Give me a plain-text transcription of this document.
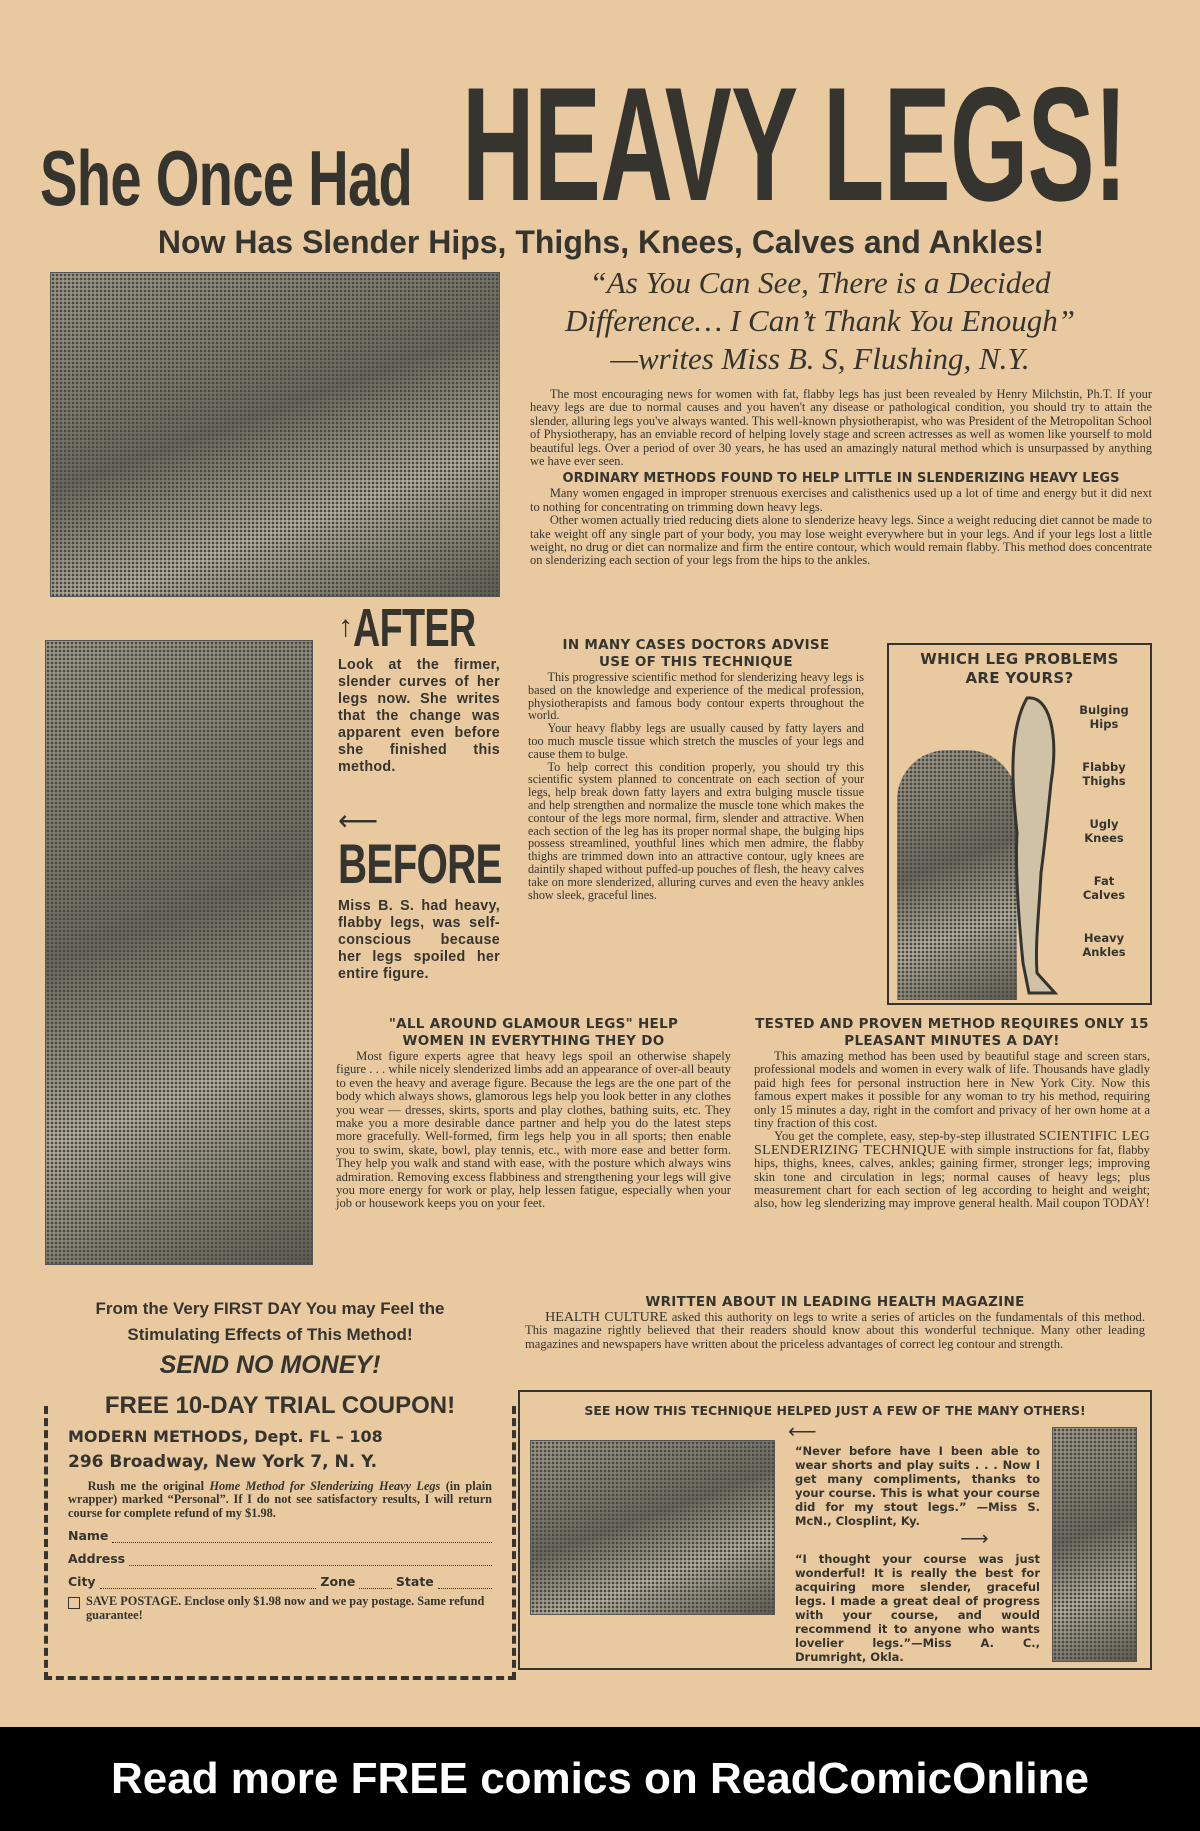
She Once Had HEAVY LEGS!
Now Has Slender Hips, Thighs, Knees, Calves and Ankles!
“As You Can See, There is a Decided
Difference… I Can’t Thank You Enough”
—writes Miss B. S, Flushing, N.Y.

The most encouraging news for women with fat, flabby legs has just been revealed by Henry Milchstin, Ph.T. If your heavy legs are due to normal causes and you haven't any disease or pathological condition, you should try to attain the slender, alluring legs you've always wanted. This well-known physiotherapist, who was President of the Metropolitan School of Physiotherapy, has an enviable record of helping lovely stage and screen actresses as well as women like yourself to mold beautiful legs. Over a period of over 30 years, he has used an amazingly natural method which is unsurpassed by anything we have ever seen.

ORDINARY METHODS FOUND TO HELP LITTLE IN SLENDERIZING HEAVY LEGS

Many women engaged in improper strenuous exercises and calisthenics used up a lot of time and energy but it did next to nothing for concentrating on trimming down heavy legs.

Other women actually tried reducing diets alone to slenderize heavy legs. Since a weight reducing diet cannot be made to take weight off any single part of your body, you may lose weight everywhere but in your legs. And if your legs lost a little weight, no drug or diet can normalize and firm the entire contour, which would remain flabby. This method does concentrate on slenderizing each section of your legs from the hips to the ankles.

↑ AFTER
Look at the firmer, slender curves of her legs now. She writes that the change was apparent even before she finished this method.
⟵
BEFORE
Miss B. S. had heavy, flabby legs, was self-conscious because her legs spoiled her entire figure.
IN MANY CASES DOCTORS ADVISE USE OF THIS TECHNIQUE

This progressive scientific method for slenderizing heavy legs is based on the knowledge and experience of the medical profession, physiotherapists and famous body contour experts throughout the world.

Your heavy flabby legs are usually caused by fatty layers and too much muscle tissue which stretch the muscles of your legs and cause them to bulge.

To help correct this condition properly, you should try this scientific system planned to concentrate on each section of your legs, help break down fatty layers and extra bulging muscle tissue and help strengthen and normalize the muscle tone which makes the contour of the legs more normal, firm, slender and attractive. When each section of the leg has its proper normal shape, the bulging hips possess streamlined, youthful lines which men admire, the flabby thighs are trimmed down into an attractive contour, ugly knees are daintily shaped without puffed-up pouches of flesh, the heavy calves take on more slenderized, alluring curves and even the heavy ankles show sleek, graceful lines.

WHICH LEG PROBLEMS ARE YOURS?
Bulging Hips
Flabby Thighs
Ugly Knees
Fat Calves
Heavy Ankles
"ALL AROUND GLAMOUR LEGS" HELP WOMEN IN EVERYTHING THEY DO

Most figure experts agree that heavy legs spoil an otherwise shapely figure . . . while nicely slenderized limbs add an appearance of over-all beauty to even the heavy and average figure. Because the legs are the one part of the body which always shows, glamorous legs help you look better in any clothes you wear — dresses, skirts, sports and play clothes, bathing suits, etc. They make you a more desirable dance partner and help you do the latest steps more gracefully. Well-formed, firm legs help you in all sports; then enable you to swim, skate, bowl, play tennis, etc., with more ease and better form. They help you walk and stand with ease, with the posture which always wins admiration. Removing excess flabbiness and strengthening your legs will give you more energy for work or play, help lessen fatigue, especially when your job or housework keeps you on your feet.

TESTED AND PROVEN METHOD REQUIRES ONLY 15 PLEASANT MINUTES A DAY!

This amazing method has been used by beautiful stage and screen stars, professional models and women in every walk of life. Thousands have gladly paid high fees for personal instruction here in New York City. Now this famous expert makes it possible for any woman to try his method, requiring only 15 minutes a day, right in the comfort and privacy of her own home at a tiny fraction of this cost.

You get the complete, easy, step-by-step illustrated SCIENTIFIC LEG SLENDERIZING TECHNIQUE with simple instructions for fat, flabby hips, thighs, knees, calves, ankles; gaining firmer, stronger legs; improving skin tone and circulation in legs; normal causes of heavy legs; plus measurement chart for each section of leg according to height and weight; also, how leg slenderizing may improve general health. Mail coupon TODAY!

WRITTEN ABOUT IN LEADING HEALTH MAGAZINE

HEALTH CULTURE asked this authority on legs to write a series of articles on the fundamentals of this method. This magazine rightly believed that their readers should know about this wonderful technique. Many other leading magazines and newspapers have written about the priceless advantages of correct leg contour and strength.

From the Very FIRST DAY You may Feel the
Stimulating Effects of This Method!
SEND NO MONEY!
FREE 10-DAY TRIAL COUPON!
MODERN METHODS, Dept. FL – 108
296 Broadway, New York 7, N. Y.

Rush me the original Home Method for Slenderizing Heavy Legs (in plain wrapper) marked “Personal”. If I do not see satisfactory results, I will return course for complete refund of my $1.98.

Name
Address
City	Zone	State
SAVE POSTAGE. Enclose only $1.98 now and we pay postage. Same refund guarantee!
SEE HOW THIS TECHNIQUE HELPED JUST A FEW OF THE MANY OTHERS!
⟵
“Never before have I been able to wear shorts and play suits . . . Now I get many compliments, thanks to your course. This is what your course did for my stout legs.” —Miss S. McN., Closplint, Ky.
⟶
“I thought your course was just wonderful! It is really the best for acquiring more slender, graceful legs. I made a great deal of progress with your course, and would recommend it to anyone who wants lovelier legs.”—Miss A. C., Drumright, Okla.
Read more FREE comics on ReadComicOnline
